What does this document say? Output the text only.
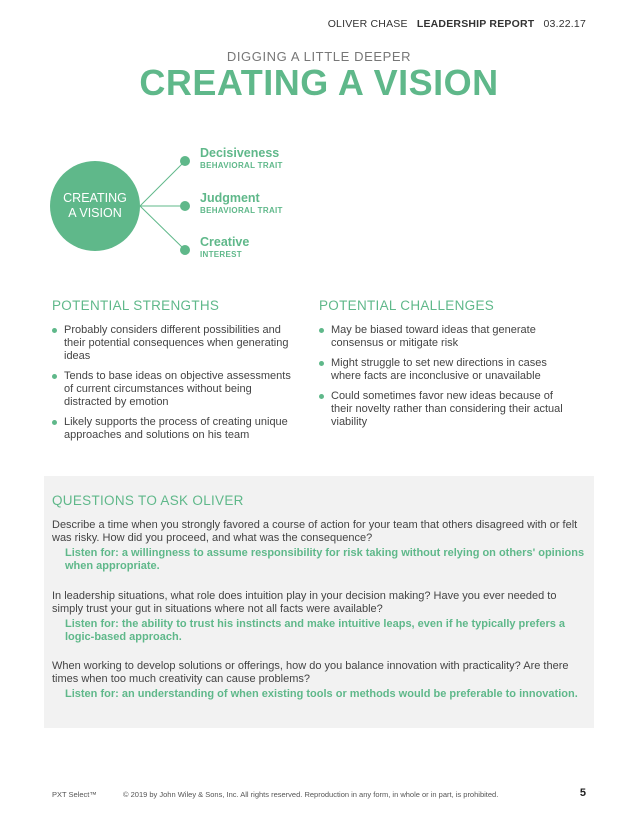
OLIVER CHASE LEADERSHIP REPORT 03.22.17
DIGGING A LITTLE DEEPER
CREATING A VISION
CREATING
A VISION
Decisiveness
BEHAVIORAL TRAIT
Judgment
BEHAVIORAL TRAIT
Creative
INTEREST
POTENTIAL STRENGTHS
Probably considers different possibilities and their potential consequences when generating ideas
Tends to base ideas on objective assessments of current circumstances without being distracted by emotion
Likely supports the process of creating unique approaches and solutions on his team
POTENTIAL CHALLENGES
May be biased toward ideas that generate consensus or mitigate risk
Might struggle to set new directions in cases where facts are inconclusive or unavailable
Could sometimes favor new ideas because of their novelty rather than considering their actual viability
QUESTIONS TO ASK OLIVER
Describe a time when you strongly favored a course of action for your team that others disagreed with or felt was risky. How did you proceed, and what was the consequence?
Listen for: a willingness to assume responsibility for risk taking without relying on others' opinions when appropriate.
In leadership situations, what role does intuition play in your decision making? Have you ever needed to simply trust your gut in situations where not all facts were available?
Listen for: the ability to trust his instincts and make intuitive leaps, even if he typically prefers a logic-based approach.
When working to develop solutions or offerings, how do you balance innovation with practicality? Are there times when too much creativity can cause problems?
Listen for: an understanding of when existing tools or methods would be preferable to innovation.
PXT Select™	© 2019 by John Wiley & Sons, Inc. All rights reserved. Reproduction in any form, in whole or in part, is prohibited.	5
